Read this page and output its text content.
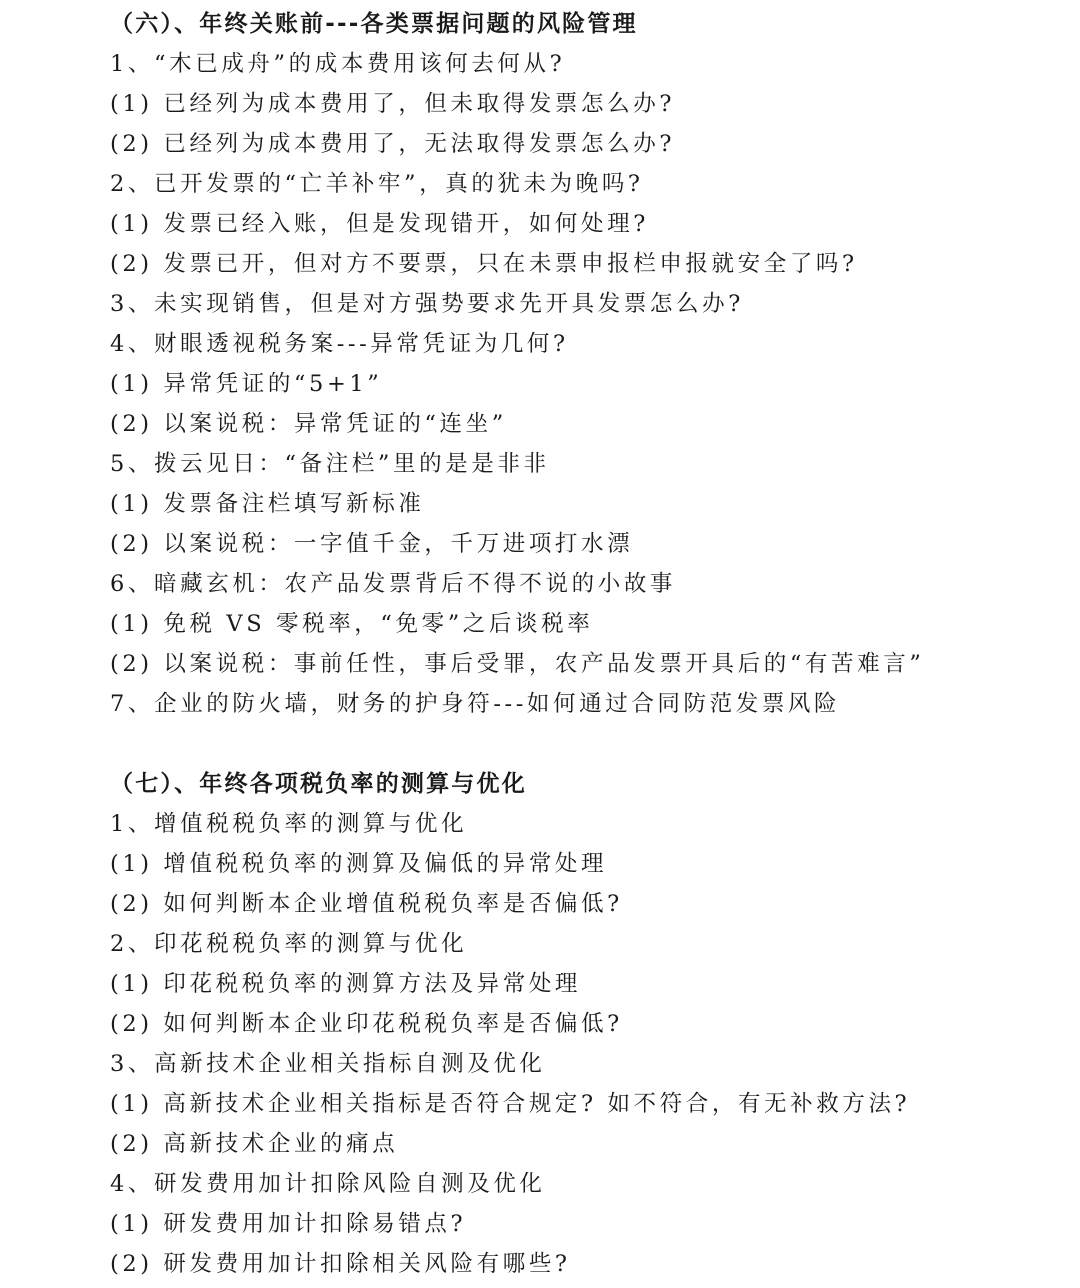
（六）、年终关账前---各类票据问题的风险管理
1、“木已成舟”的成本费用该何去何从?
(1) 已经列为成本费用了，但未取得发票怎么办?
(2) 已经列为成本费用了，无法取得发票怎么办?
2、已开发票的“亡羊补牢”，真的犹未为晚吗?
(1) 发票已经入账，但是发现错开，如何处理?
(2) 发票已开，但对方不要票，只在未票申报栏申报就安全了吗?
3、未实现销售，但是对方强势要求先开具发票怎么办?
4、财眼透视税务案---异常凭证为几何?
(1) 异常凭证的“5+1”
(2) 以案说税：异常凭证的“连坐”
5、拨云见日：“备注栏”里的是是非非
(1) 发票备注栏填写新标准
(2) 以案说税：一字值千金，千万进项打水漂
6、暗藏玄机：农产品发票背后不得不说的小故事
(1) 免税 VS 零税率，“免零”之后谈税率
(2) 以案说税：事前任性，事后受罪，农产品发票开具后的“有苦难言”
7、企业的防火墙，财务的护身符---如何通过合同防范发票风险
（七）、年终各项税负率的测算与优化
1、增值税税负率的测算与优化
(1) 增值税税负率的测算及偏低的异常处理
(2) 如何判断本企业增值税税负率是否偏低?
2、印花税税负率的测算与优化
(1) 印花税税负率的测算方法及异常处理
(2) 如何判断本企业印花税税负率是否偏低?
3、高新技术企业相关指标自测及优化
(1) 高新技术企业相关指标是否符合规定? 如不符合，有无补救方法?
(2) 高新技术企业的痛点
4、研发费用加计扣除风险自测及优化
(1) 研发费用加计扣除易错点?
(2) 研发费用加计扣除相关风险有哪些?
